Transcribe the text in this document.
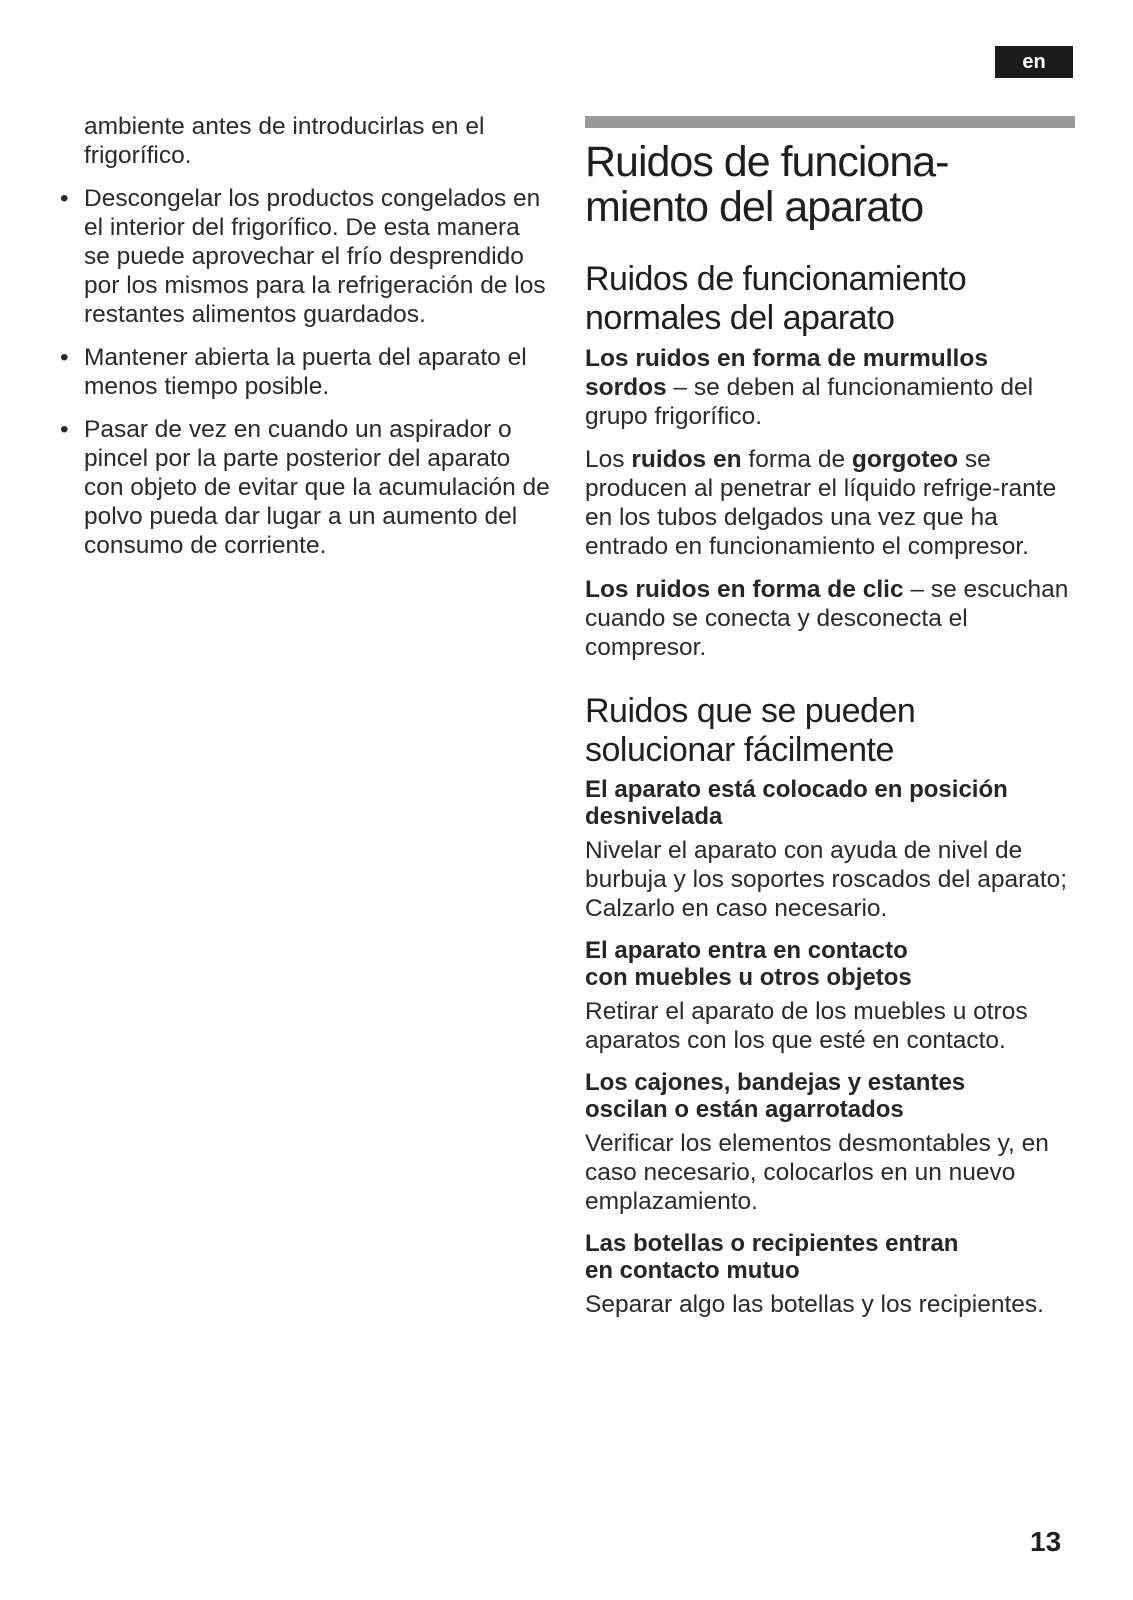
en
ambiente antes de introducirlas en el frigorífico.
• Descongelar los productos congelados en el interior del frigorífico. De esta manera se puede aprovechar el frío desprendido por los mismos para la refrigeración de los restantes alimentos guardados.
• Mantener abierta la puerta del aparato el menos tiempo posible.
• Pasar de vez en cuando un aspirador o pincel por la parte posterior del aparato con objeto de evitar que la acumulación de polvo pueda dar lugar a un aumento del consumo de corriente.
Ruidos de funciona-
miento del aparato
Ruidos de funcionamiento
normales del aparato
Los ruidos en forma de murmullos sordos – se deben al funcionamiento del grupo frigorífico.
Los ruidos en forma de gorgoteo se producen al penetrar el líquido refrige-rante en los tubos delgados una vez que ha entrado en funcionamiento el compresor.
Los ruidos en forma de clic – se escuchan cuando se conecta y desconecta el compresor.
Ruidos que se pueden
solucionar fácilmente
El aparato está colocado en posición
desnivelada
Nivelar el aparato con ayuda de nivel de burbuja y los soportes roscados del aparato; Calzarlo en caso necesario.
El aparato entra en contacto
con muebles u otros objetos
Retirar el aparato de los muebles u otros aparatos con los que esté en contacto.
Los cajones, bandejas y estantes
oscilan o están agarrotados
Verificar los elementos desmontables y, en caso necesario, colocarlos en un nuevo emplazamiento.
Las botellas o recipientes entran
en contacto mutuo
Separar algo las botellas y los recipientes.
13
